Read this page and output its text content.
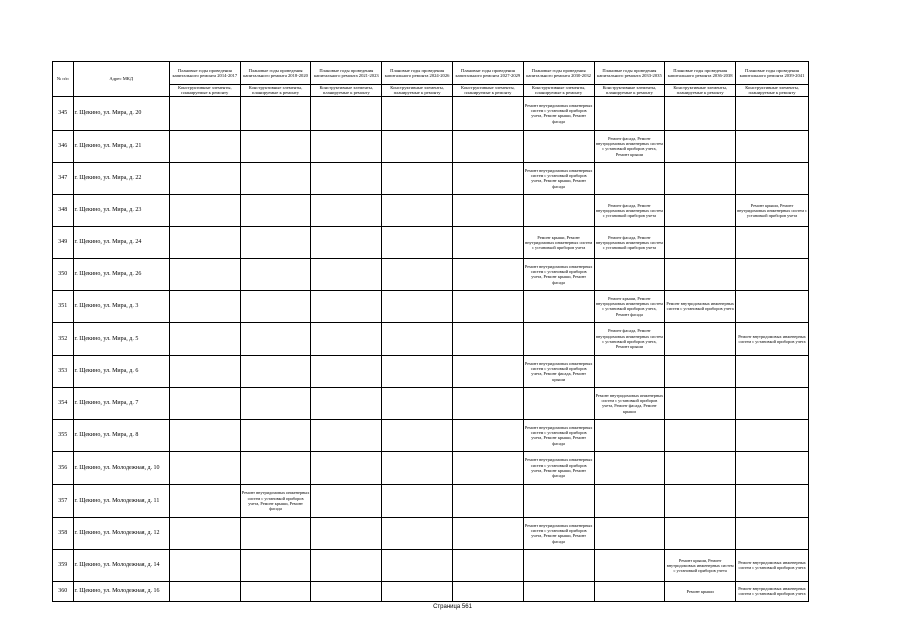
№ п/п	Адрес МКД	Плановые годы проведения капитального ремонта 2014-2017	Плановые годы проведения капитального ремонта 2018-2020	Плановые годы проведения капитального ремонта 2021-2023	Плановые годы проведения капитального ремонта 2024-2026	Плановые годы проведения капитального ремонта 2027-2029	Плановые годы проведения капитального ремонта 2030-2032	Плановые годы проведения капитального ремонта 2033-2035	Плановые годы проведения капитального ремонта 2036-2038	Плановые годы проведения капитального ремонта 2039-2041
		Конструктивные элементы, планируемые к ремонту	Конструктивные элементы, планируемые к ремонту	Конструктивные элементы, планируемые к ремонту	Конструктивные элементы, планируемые к ремонту	Конструктивные элементы, планируемые к ремонту	Конструктивные элементы, планируемые к ремонту	Конструктивные элементы, планируемые к ремонту	Конструктивные элементы, планируемые к ремонту	Конструктивные элементы, планируемые к ремонту
345	г. Щекино, ул. Мира, д. 20						Ремонт внутридомовых инженерных систем с установкой приборов учета, Ремонт крыши, Ремонт фасада			
346	г. Щекино, ул. Мира, д. 21							Ремонт фасада, Ремонт внутридомовых инженерных систем с установкой приборов учета, Ремонт крыши		
347	г. Щекино, ул. Мира, д. 22						Ремонт внутридомовых инженерных систем с установкой приборов учета, Ремонт крыши, Ремонт фасада			
348	г. Щекино, ул. Мира, д. 23							Ремонт фасада, Ремонт внутридомовых инженерных систем с установкой приборов учета		Ремонт крыши, Ремонт внутридомовых инженерных систем с установкой приборов учета
349	г. Щекино, ул. Мира, д. 24						Ремонт крыши, Ремонт внутридомовых инженерных систем с установкой приборов учета	Ремонт фасада, Ремонт внутридомовых инженерных систем с установкой приборов учета		
350	г. Щекино, ул. Мира, д. 26						Ремонт внутридомовых инженерных систем с установкой приборов учета, Ремонт крыши, Ремонт фасада			
351	г. Щекино, ул. Мира, д. 3							Ремонт крыши, Ремонт внутридомовых инженерных систем с установкой приборов учета, Ремонт фасада	Ремонт внутридомовых инженерных систем с установкой приборов учета	
352	г. Щекино, ул. Мира, д. 5							Ремонт фасада, Ремонт внутридомовых инженерных систем с установкой приборов учета, Ремонт крыши		Ремонт внутридомовых инженерных систем с установкой приборов учета
353	г. Щекино, ул. Мира, д. 6						Ремонт внутридомовых инженерных систем с установкой приборов учета, Ремонт фасада, Ремонт крыши			
354	г. Щекино, ул. Мира, д. 7							Ремонт внутридомовых инженерных систем с установкой приборов учета, Ремонт фасада, Ремонт крыши		
355	г. Щекино, ул. Мира, д. 8						Ремонт внутридомовых инженерных систем с установкой приборов учета, Ремонт крыши, Ремонт фасада			
356	г. Щекино, ул. Молодежная, д. 10						Ремонт внутридомовых инженерных систем с установкой приборов учета, Ремонт крыши, Ремонт фасада			
357	г. Щекино, ул. Молодежная, д. 11		Ремонт внутридомовых инженерных систем с установкой приборов учета, Ремонт крыши, Ремонт фасада							
358	г. Щекино, ул. Молодежная, д. 12						Ремонт внутридомовых инженерных систем с установкой приборов учета, Ремонт крыши, Ремонт фасада			
359	г. Щекино, ул. Молодежная, д. 14								Ремонт крыши, Ремонт внутридомовых инженерных систем с установкой приборов учета	Ремонт внутридомовых инженерных систем с установкой приборов учета
360	г. Щекино, ул. Молодежная, д. 16								Ремонт крыши	Ремонт внутридомовых инженерных систем с установкой приборов учета
Страница 561
